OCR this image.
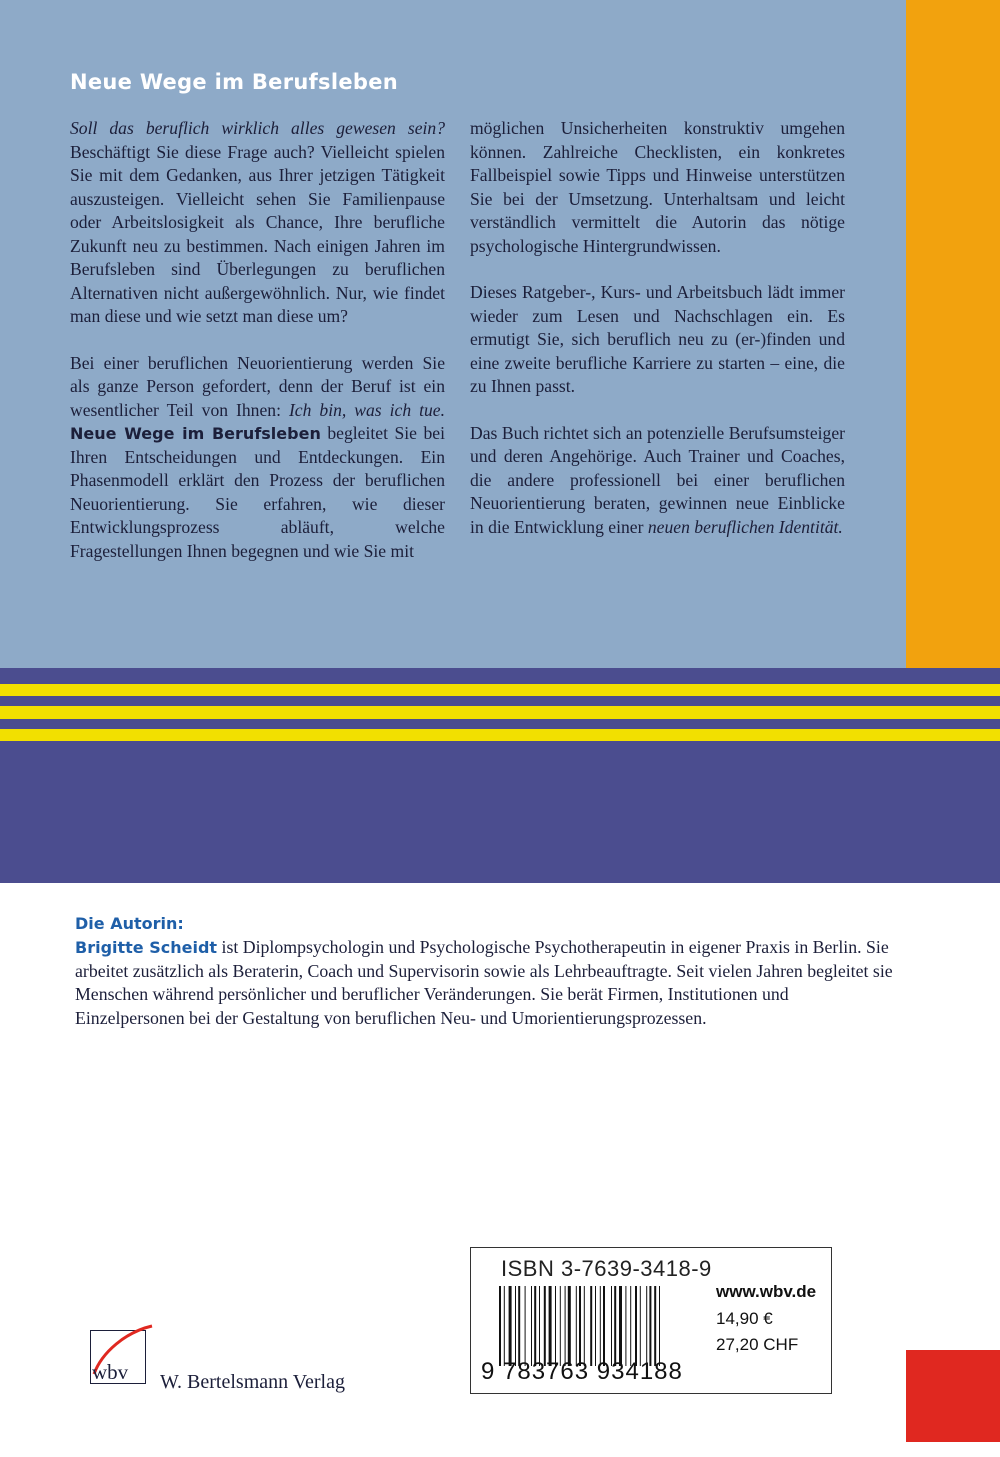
Neue Wege im Berufsleben

Soll das beruflich wirklich alles gewesen sein? Beschäftigt Sie diese Frage auch? Vielleicht spielen Sie mit dem Gedanken, aus Ihrer jetzigen Tätigkeit auszusteigen. Vielleicht sehen Sie Familienpause oder Arbeitslosigkeit als Chance, Ihre berufliche Zukunft neu zu bestimmen. Nach einigen Jahren im Berufsleben sind Überlegungen zu beruflichen Alternativen nicht außergewöhnlich. Nur, wie findet man diese und wie setzt man diese um?

Bei einer beruflichen Neuorientierung werden Sie als ganze Person gefordert, denn der Beruf ist ein wesentlicher Teil von Ihnen: Ich bin, was ich tue. Neue Wege im Berufsleben begleitet Sie bei Ihren Entscheidungen und Entdeckungen. Ein Phasenmodell erklärt den Prozess der beruflichen Neuorientierung. Sie erfahren, wie dieser Entwicklungsprozess abläuft, welche Fragestellungen Ihnen begegnen und wie Sie mit

möglichen Unsicherheiten konstruktiv umgehen können. Zahlreiche Checklisten, ein konkretes Fallbeispiel sowie Tipps und Hinweise unterstützen Sie bei der Umsetzung. Unterhaltsam und leicht verständlich vermittelt die Autorin das nötige psychologische Hintergrundwissen.

Dieses Ratgeber-, Kurs- und Arbeitsbuch lädt immer wieder zum Lesen und Nachschlagen ein. Es ermutigt Sie, sich beruflich neu zu (er-)finden und eine zweite berufliche Karriere zu starten – eine, die zu Ihnen passt.

Das Buch richtet sich an potenzielle Berufsumsteiger und deren Angehörige. Auch Trainer und Coaches, die andere professionell bei einer beruflichen Neuorientierung beraten, gewinnen neue Einblicke in die Entwicklung einer neuen beruflichen Identität.

Die Autorin:
Brigitte Scheidt ist Diplompsychologin und Psychologische Psychotherapeutin in eigener Praxis in Berlin. Sie arbeitet zusätzlich als Beraterin, Coach und Supervisorin sowie als Lehrbeauftragte. Seit vielen Jahren begleitet sie Menschen während persönlicher und beruflicher Veränderungen. Sie berät Firmen, Institutionen und Einzelpersonen bei der Gestaltung von beruflichen Neu- und Umorientierungsprozessen.
wbv W. Bertelsmann Verlag
ISBN 3-7639-3418-9
9 783763 934188
www.wbv.de
14,90 €
27,20 CHF
